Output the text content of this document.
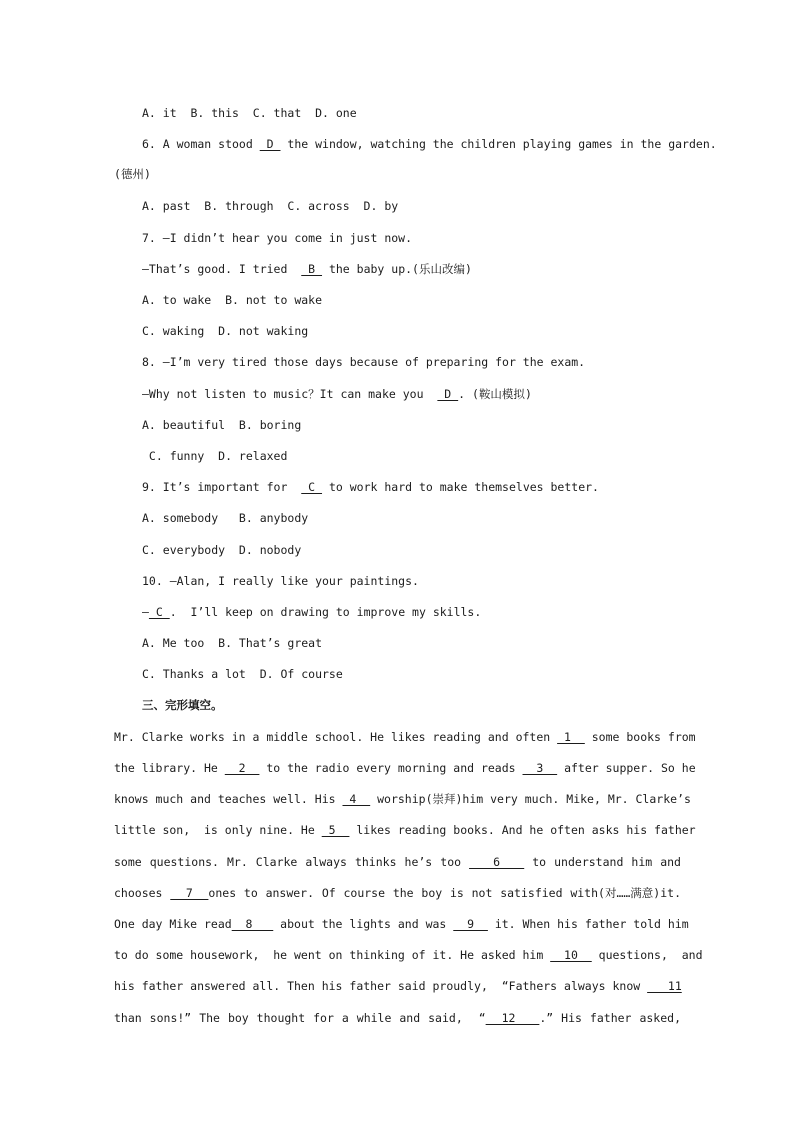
A. it  B. this  C. that  D. one
6. A woman stood  D  the window, watching the children playing games in the garden.
(德州)
A. past  B. through  C. across  D. by
7. —I didn’t hear you come in just now.
—That’s good. I tried   B  the baby up.(乐山改编)
A. to wake  B. not to wake
C. waking  D. not waking
8. —I’m very tired those days because of preparing for the exam.
—Why not listen to music？It can make you   D . (鞍山模拟)
A. beautiful  B. boring
C. funny  D. relaxed
9. It’s important for   C  to work hard to make themselves better.
A. somebody   B. anybody
C. everybody  D. nobody
10. —Alan, I really like your paintings.
— C .  I’ll keep on drawing to improve my skills.
A. Me too  B. That’s great
C. Thanks a lot  D. Of course
三、完形填空。
Mr. Clarke works in a middle school. He likes reading and often  1   some books from
the library. He   2   to the radio every morning and reads   3   after supper. So he
knows much and teaches well. His  4   worship(崇拜)him very much. Mike, Mr. Clarke’s
little son,  is only nine. He  5   likes reading books. And he often asks his father
some questions. Mr. Clarke always thinks he’s too    6    to understand him and
chooses   7  ones to answer. Of course the boy is not satisfied with(对……满意)it.
One day Mike read  8    about the lights and was   9   it. When his father told him
to do some housework,  he went on thinking of it. He asked him   10   questions,  and
his father answered all. Then his father said proudly,  “Fathers always know    11
than sons!” The boy thought for a while and said,  “  12   .” His father asked,
